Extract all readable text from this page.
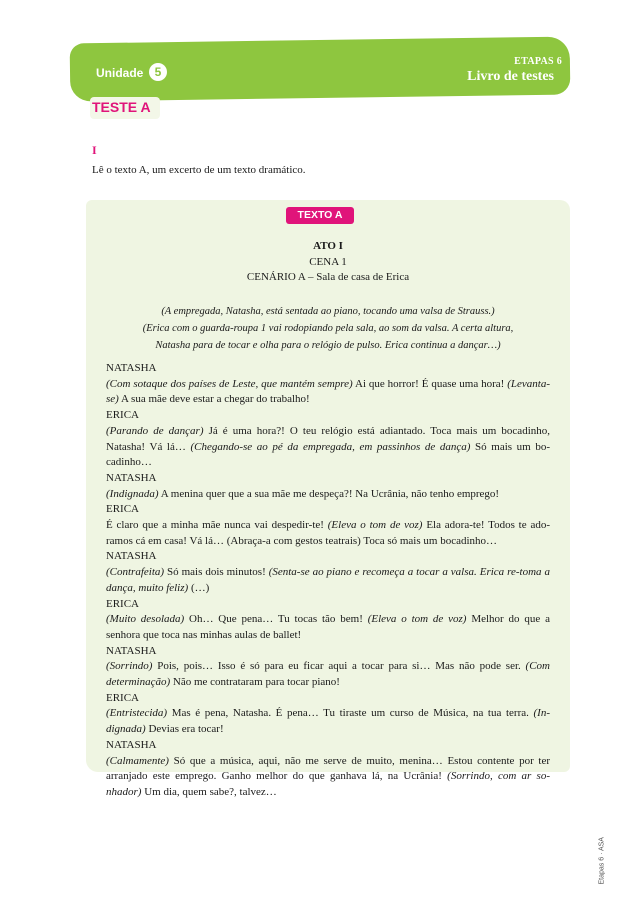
ETAPAS 6
Livro de testes
Unidade 5
TESTE A
I
Lê o texto A, um excerto de um texto dramático.
TEXTO A
ATO I
CENA 1
CENÁRIO A – Sala de casa de Erica
(A empregada, Natasha, está sentada ao piano, tocando uma valsa de Strauss.)
(Erica com o guarda-roupa 1 vai rodopiando pela sala, ao som da valsa. A certa altura,
Natasha para de tocar e olha para o relógio de pulso. Erica continua a dançar…)

NATASHA

(Com sotaque dos países de Leste, que mantém sempre) Ai que horror! É quase uma hora! (Levanta-se) A sua mãe deve estar a chegar do trabalho!

ERICA

(Parando de dançar) Já é uma hora?! O teu relógio está adiantado. Toca mais um bocadinho, Natasha! Vá lá… (Chegando-se ao pé da empregada, em passinhos de dança) Só mais um bo-cadinho…

NATASHA

(Indignada) A menina quer que a sua mãe me despeça?! Na Ucrânia, não tenho emprego!

ERICA

É claro que a minha mãe nunca vai despedir-te! (Eleva o tom de voz) Ela adora-te! Todos te ado-ramos cá em casa! Vá lá… (Abraça-a com gestos teatrais) Toca só mais um bocadinho…

NATASHA

(Contrafeita) Só mais dois minutos! (Senta-se ao piano e recomeça a tocar a valsa. Erica re-toma a dança, muito feliz) (…)

ERICA

(Muito desolada) Oh… Que pena… Tu tocas tão bem! (Eleva o tom de voz) Melhor do que a senhora que toca nas minhas aulas de ballet!

NATASHA

(Sorrindo) Pois, pois… Isso é só para eu ficar aqui a tocar para si… Mas não pode ser. (Com determinação) Não me contrataram para tocar piano!

ERICA

(Entristecida) Mas é pena, Natasha. É pena… Tu tiraste um curso de Música, na tua terra. (In-dignada) Devias era tocar!

NATASHA

(Calmamente) Só que a música, aqui, não me serve de muito, menina… Estou contente por ter arranjado este emprego. Ganho melhor do que ganhava lá, na Ucrânia! (Sorrindo, com ar so-nhador) Um dia, quem sabe?, talvez…

Etapas 6 · ASA
